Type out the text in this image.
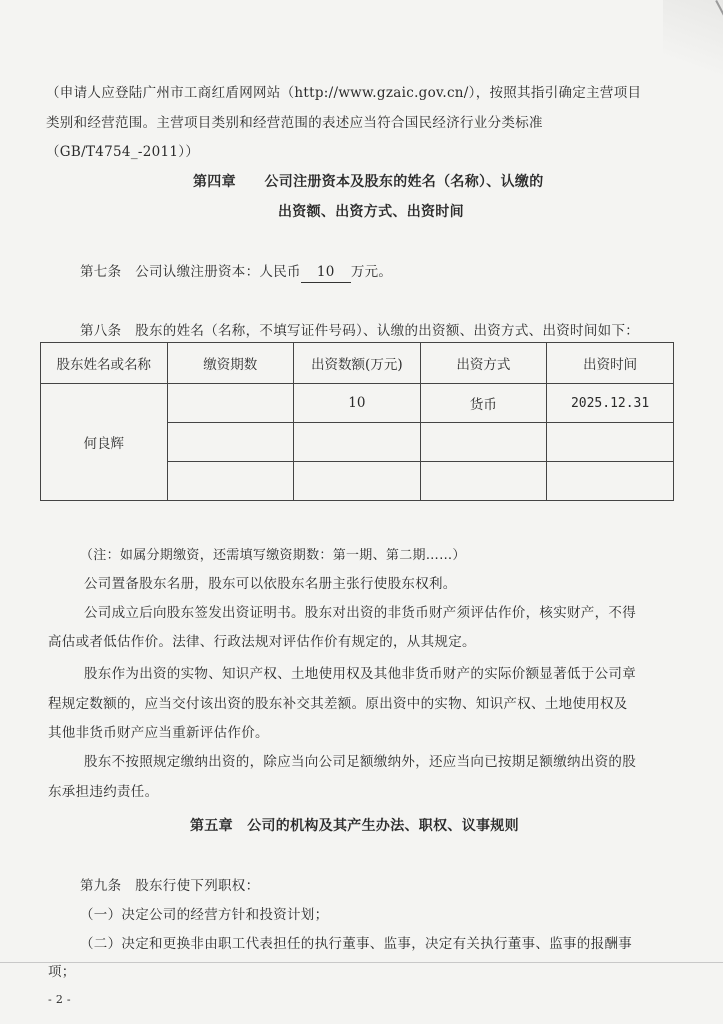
（申请人应登陆广州市工商红盾网网站（http://www.gzaic.gov.cn/），按照其指引确定主营项目
类别和经营范围。主营项目类别和经营范围的表述应当符合国民经济行业分类标准
（GB/T4754_-2011））
第四章　　公司注册资本及股东的姓名（名称）、认缴的
出资额、出资方式、出资时间
第七条　公司认缴注册资本：人民币 10 万元。
第八条　股东的姓名（名称，不填写证件号码）、认缴的出资额、出资方式、出资时间如下：
股东姓名或名称	缴资期数	出资数额(万元)	出资方式	出资时间
何良辉		10	货币	2025.12.31

（注：如属分期缴资，还需填写缴资期数：第一期、第二期……）
公司置备股东名册，股东可以依股东名册主张行使股东权利。
公司成立后向股东签发出资证明书。股东对出资的非货币财产须评估作价，核实财产，不得
高估或者低估作价。法律、行政法规对评估作价有规定的，从其规定。
股东作为出资的实物、知识产权、土地使用权及其他非货币财产的实际价额显著低于公司章
程规定数额的，应当交付该出资的股东补交其差额。原出资中的实物、知识产权、土地使用权及
其他非货币财产应当重新评估作价。
股东不按照规定缴纳出资的，除应当向公司足额缴纳外，还应当向已按期足额缴纳出资的股
东承担违约责任。
第五章　公司的机构及其产生办法、职权、议事规则
第九条　股东行使下列职权：
（一）决定公司的经营方针和投资计划；
（二）决定和更换非由职工代表担任的执行董事、监事，决定有关执行董事、监事的报酬事
项；
- 2 -
